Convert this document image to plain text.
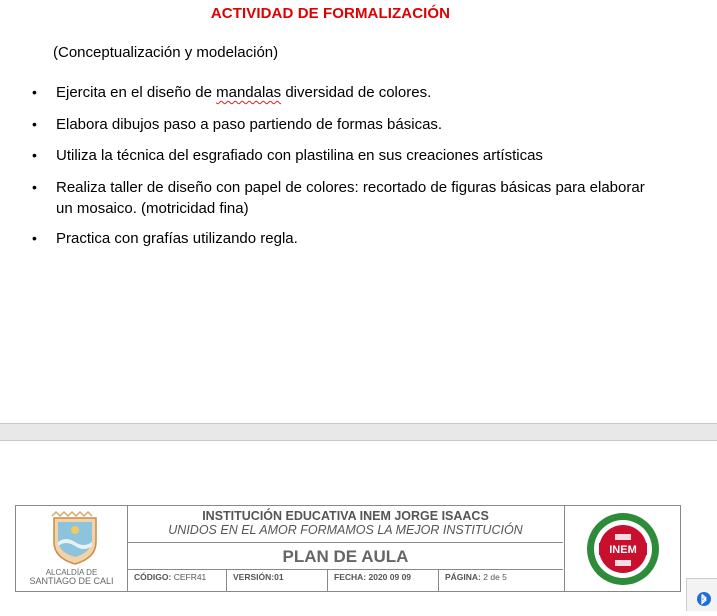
ACTIVIDAD DE FORMALIZACIÓN
(Conceptualización y modelación)
• Ejercita en el diseño de mandalas diversidad de colores.
• Elabora dibujos paso a paso partiendo de formas básicas.
• Utiliza la técnica del esgrafiado con plastilina en sus creaciones artísticas
• Realiza taller de diseño con papel de colores: recortado de figuras básicas para elaborar
un mosaico. (motricidad fina)
• Practica con grafías utilizando regla.
ALCALDÍA DE
SANTIAGO DE CALI
INSTITUCIÓN EDUCATIVA INEM JORGE ISAACS
UNIDOS EN EL AMOR FORMAMOS LA MEJOR INSTITUCIÓN
PLAN DE AULA
CÓDIGO: CEFR41	VERSIÓN:01	FECHA: 2020 09 09	PÁGINA: 2 de 5
INEM
